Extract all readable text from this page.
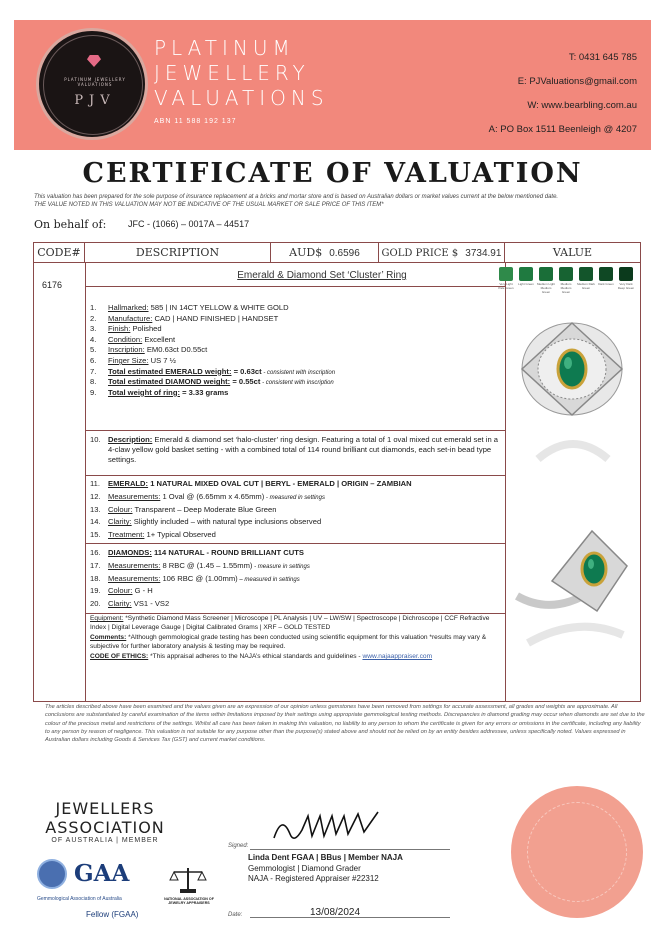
PLATINUM JEWELLERY VALUATIONS
PJV
PLATINUM
JEWELLERY
VALUATIONS
ABN 11 588 192 137
T: 0431 645 785
E: PJValuations@gmail.com
W: www.bearbling.com.au
A: PO Box 1511 Beenleigh @ 4207
CERTIFICATE OF VALUATION
This valuation has been prepared for the sole purpose of insurance replacement at a bricks and mortar store and is based on Australian dollars or market values current at the below mentioned date.
THE VALUE NOTED IN THIS VALUATION MAY NOT BE INDICATIVE OF THE USUAL MARKET OR SALE PRICE OF THIS ITEM*
On behalf of: JFC - (1066) – 0017A – 44517
CODE#	DESCRIPTION	AUD$ 0.6596	GOLD PRICE $ 3734.91	VALUE
6176
Emerald & Diamond Set ‘Cluster’ Ring
1. Hallmarked: 585 | IN 14CT YELLOW & WHITE GOLD
2. Manufacture: CAD | HAND FINISHED | HANDSET
3. Finish: Polished
4. Condition: Excellent
5. Inscription: EM0.63ct D0.55ct
6. Finger Size: US 7 ½
7. Total estimated EMERALD weight: = 0.63ct - consistent with inscription
8. Total estimated DIAMOND weight: = 0.55ct - consistent with inscription
9. Total weight of ring: = 3.33 grams
10. Description: Emerald & diamond set ‘halo-cluster’ ring design. Featuring a total of 1 oval mixed cut emerald set in a 4-claw yellow gold basket setting - with a combined total of 114 round brilliant cut diamonds, each set-in bead type settings.
11. EMERALD: 1 NATURAL MIXED OVAL CUT | BERYL - EMERALD | ORIGIN – ZAMBIAN
12. Measurements: 1 Oval @ (6.65mm x 4.65mm) - measured in settings
13. Colour: Transparent – Deep Moderate Blue Green
14. Clarity: Slightly included – with natural type inclusions observed
15. Treatment: 1+ Typical Observed
16. DIAMONDS: 114 NATURAL - ROUND BRILLIANT CUTS
17. Measurements: 8 RBC @ (1.45 – 1.55mm) - measure in settings
18. Measurements: 106 RBC @ (1.00mm) – measured in settings
19. Colour: G - H
20. Clarity: VS1 - VS2
Equipment: *Synthetic Diamond Mass Screener | Microscope | PL Analysis | UV – LW/SW | Spectroscope | Dichroscope | CCF Refractive Index | Digital Leverage Gauge | Digital Calibrated Grams | XRF – GOLD TESTED
Comments: *Although gemmological grade testing has been conducted using scientific equipment for this valuation *results may vary & subjective for further laboratory analysis & testing may be required.
CODE OF ETHICS: *This appraisal adheres to the NAJA’s ethical standards and guidelines - www.najaappraiser.com
Very Light Pale Green
Light Green	Medium Light Medium Green
Medium Medium Green
Medium Dark Green
Dark Green	Very Dark Deep Green
The articles described above have been examined and the values given are an expression of our opinion unless gemstones have been removed from settings for accurate assessment, all grades and weights are approximate. All conclusions are substantiated by careful examination of the items within limitations imposed by their settings using appropriate gemmological testing methods. Discrepancies in diamond grading may occur when diamonds are set due to the colour of the precious metal and restrictions of the settings. Whilst all care has been taken in making this valuation, no liability to any person to whom the certificate is given for any errors or omissions in the certificate, including any liability to any person by reason of negligence. This valuation is not suitable for any purpose other than the purpose(s) stated above and should not be relied on by an entity besides addressee, unless specifically noted. Values expressed in Australian dollars including Goods & Services Tax (GST) and current market conditions.
JEWELLERS
ASSOCIATION
OF AUSTRALIA | MEMBER
GAA
Gemmological Association of Australia
Fellow (FGAA)
NATIONAL ASSOCIATION OF JEWELRY APPRAISERS
Signed:
Linda Dent FGAA | BBus | Member NAJA
Gemmologist | Diamond Grader
NAJA - Registered Appraiser #22312
Date:	13/08/2024
